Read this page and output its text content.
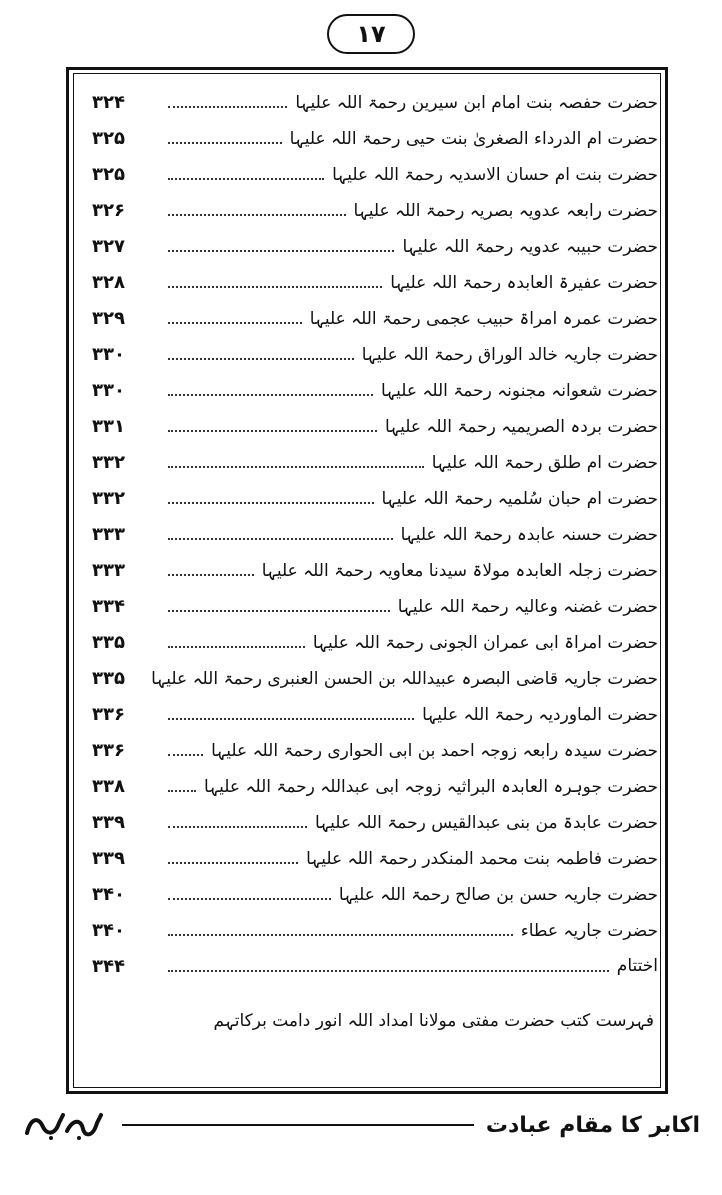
۱۷
حضرت حفصہ بنت امام ابن سیرین رحمۃ اللہ علیہا
۳۲۴
حضرت ام الدرداء الصغریٰ بنت حیی رحمۃ اللہ علیہا
۳۲۵
حضرت بنت ام حسان الاسدیہ رحمۃ اللہ علیہا
۳۲۵
حضرت رابعہ عدویہ بصریہ رحمۃ اللہ علیہا
۳۲۶
حضرت حبیبہ عدویہ رحمۃ اللہ علیہا
۳۲۷
حضرت عفیرۃ العابدہ رحمۃ اللہ علیہا
۳۲۸
حضرت عمرہ امراۃ حبیب عجمی رحمۃ اللہ علیہا
۳۲۹
حضرت جاریہ خالد الوراق رحمۃ اللہ علیہا
۳۳۰
حضرت شعوانہ مجنونہ رحمۃ اللہ علیہا
۳۳۰
حضرت بردہ الصریمیہ رحمۃ اللہ علیہا
۳۳۱
حضرت ام طلق رحمۃ اللہ علیہا
۳۳۲
حضرت ام حبان سُلمیہ رحمۃ اللہ علیہا
۳۳۲
حضرت حسنہ عابدہ رحمۃ اللہ علیہا
۳۳۳
حضرت زجلہ العابدہ مولاۃ سیدنا معاویہ رحمۃ اللہ علیہا
۳۳۳
حضرت غضنہ وعالیہ رحمۃ اللہ علیہا
۳۳۴
حضرت امراۃ ابی عمران الجونی رحمۃ اللہ علیہا
۳۳۵
حضرت جاریہ قاضی البصرہ عبیداللہ بن الحسن العنبری رحمۃ اللہ علیہا
۳۳۵
حضرت الماوردیہ رحمۃ اللہ علیہا
۳۳۶
حضرت سیدہ رابعہ زوجہ احمد بن ابی الحواری رحمۃ اللہ علیہا
۳۳۶
حضرت جوہرہ العابدہ البراثیہ زوجہ ابی عبداللہ رحمۃ اللہ علیہا
۳۳۸
حضرت عابدۃ من بنی عبدالقیس رحمۃ اللہ علیہا
۳۳۹
حضرت فاطمہ بنت محمد المنکدر رحمۃ اللہ علیہا
۳۳۹
حضرت جاریہ حسن بن صالح رحمۃ اللہ علیہا
۳۴۰
حضرت جاریہ عطاء
۳۴۰
اختتام
۳۴۴
فہرست کتب حضرت مفتی مولانا امداد اللہ انور دامت برکاتہم
اکابر کا مقام عبادت
